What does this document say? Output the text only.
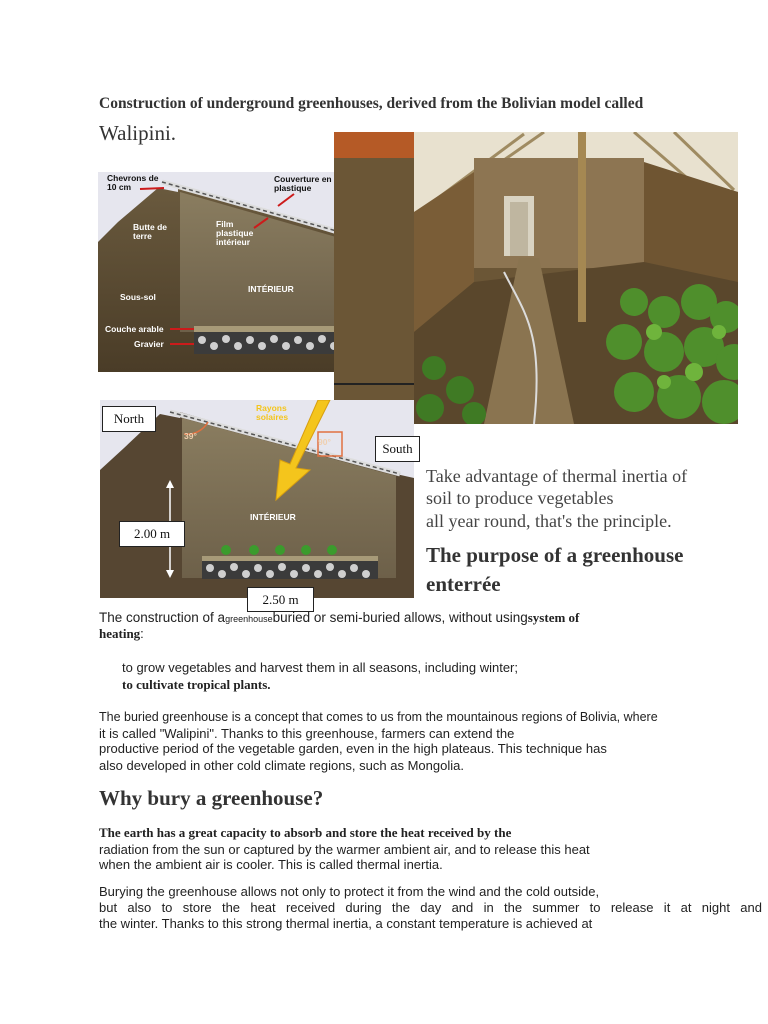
Construction of underground greenhouses, derived from the Bolivian model called
Walipini.
Chevrons de 10 cm
Couverture en plastique
Butte de terre
Film plastique intérieur
Sous-sol
INTÉRIEUR
Couche arable
Gravier
Rayons solaires
39°
90°
INTÉRIEUR
North
South
2.00 m
2.50 m
Take advantage of thermal inertia of
soil to produce vegetables
all year round, that's the principle.
The purpose of a greenhouse
enterrée
The construction of agreenhouseburied or semi-buried allows, without usingsystem of
heating:
to grow vegetables and harvest them in all seasons, including winter;
to cultivate tropical plants.
The buried greenhouse is a concept that comes to us from the mountainous regions of Bolivia, where
it is called "Walipini". Thanks to this greenhouse, farmers can extend the
productive period of the vegetable garden, even in the high plateaus. This technique has
also developed in other cold climate regions, such as Mongolia.
Why bury a greenhouse?
The earth has a great capacity to absorb and store the heat received by the
radiation from the sun or captured by the warmer ambient air, and to release this heat
when the ambient air is cooler. This is called thermal inertia.
Burying the greenhouse allows not only to protect it from the wind and the cold outside,
but also to store the heat received during the day and in the summer to release it at night and
the winter. Thanks to this strong thermal inertia, a constant temperature is achieved at
